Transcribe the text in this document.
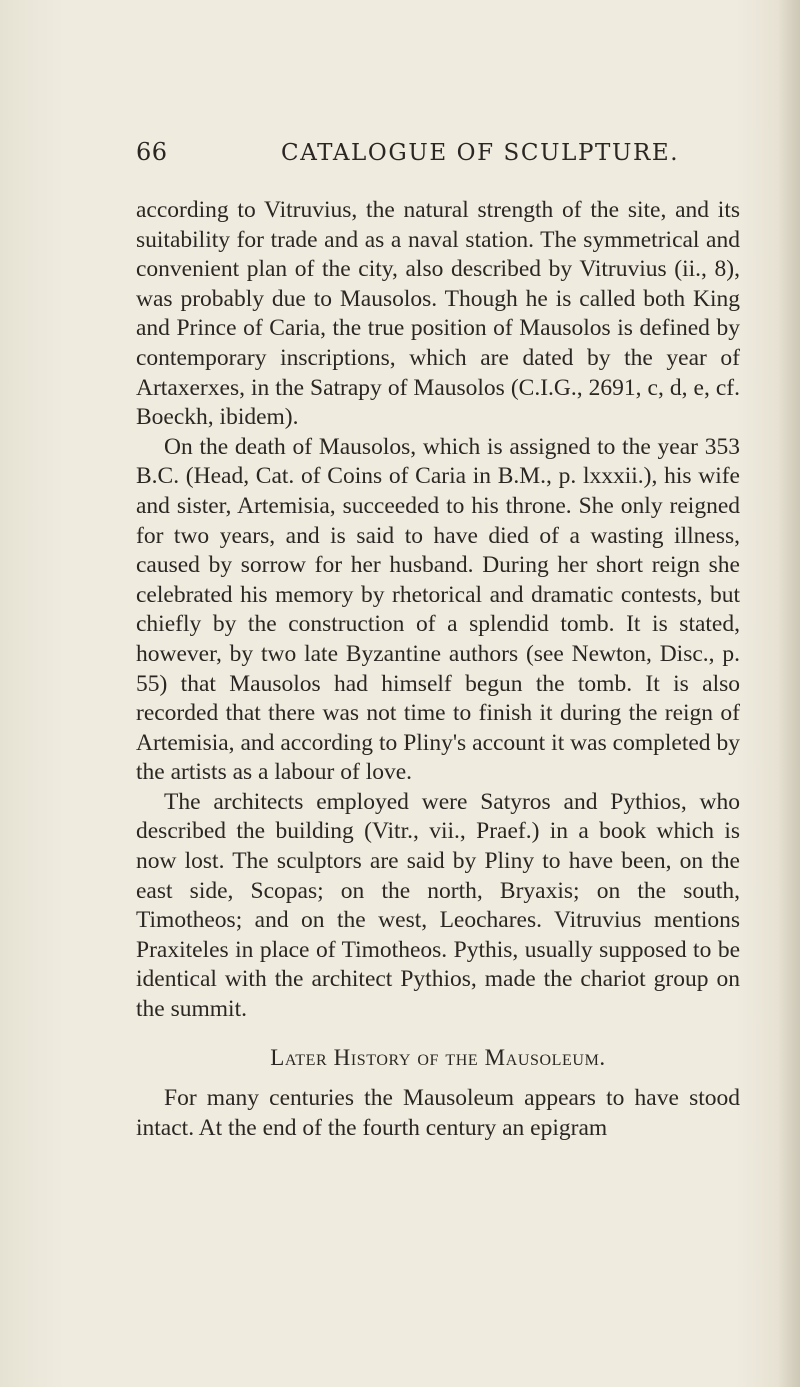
66	CATALOGUE OF SCULPTURE.

according to Vitruvius, the natural strength of the site, and its suitability for trade and as a naval station. The symmetrical and convenient plan of the city, also described by Vitruvius (ii., 8), was probably due to Mausolos. Though he is called both King and Prince of Caria, the true position of Mausolos is defined by contemporary inscriptions, which are dated by the year of Artaxerxes, in the Satrapy of Mausolos (C.I.G., 2691, c, d, e, cf. Boeckh, ibidem).

On the death of Mausolos, which is assigned to the year 353 B.C. (Head, Cat. of Coins of Caria in B.M., p. lxxxii.), his wife and sister, Artemisia, succeeded to his throne. She only reigned for two years, and is said to have died of a wasting illness, caused by sorrow for her husband. During her short reign she celebrated his memory by rhetorical and dramatic contests, but chiefly by the construction of a splendid tomb. It is stated, however, by two late Byzantine authors (see Newton, Disc., p. 55) that Mausolos had himself begun the tomb. It is also recorded that there was not time to finish it during the reign of Artemisia, and according to Pliny's account it was completed by the artists as a labour of love.

The architects employed were Satyros and Pythios, who described the building (Vitr., vii., Praef.) in a book which is now lost. The sculptors are said by Pliny to have been, on the east side, Scopas; on the north, Bryaxis; on the south, Timotheos; and on the west, Leochares. Vitruvius mentions Praxiteles in place of Timotheos. Pythis, usually supposed to be identical with the architect Pythios, made the chariot group on the summit.

Later History of the Mausoleum.

For many centuries the Mausoleum appears to have stood intact. At the end of the fourth century an epigram
